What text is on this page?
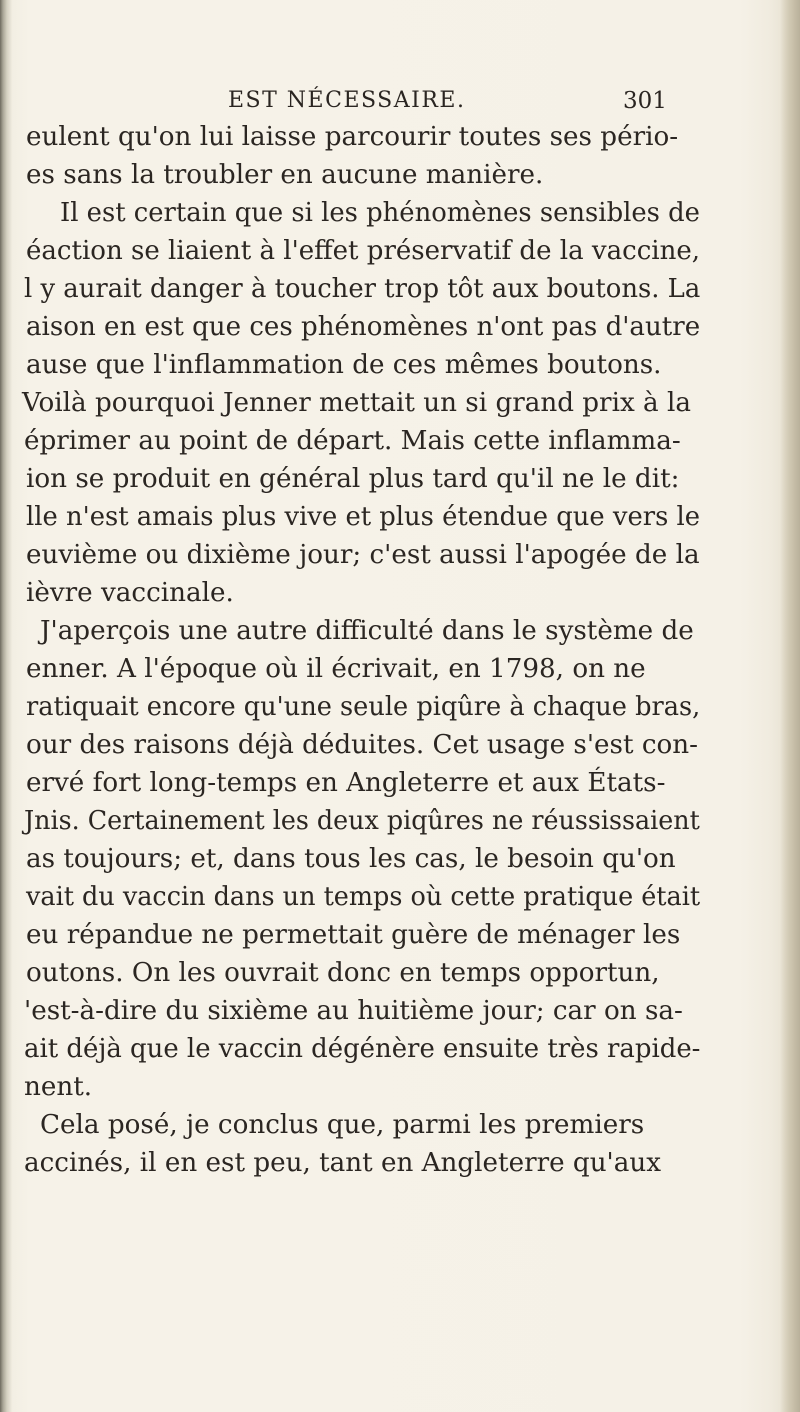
EST NÉCESSAIRE.	301
eulent qu'on lui laisse parcourir toutes ses pério-
es sans la troubler en aucune manière.
Il est certain que si les phénomènes sensibles de
éaction se liaient à l'effet préservatif de la vaccine,
l y aurait danger à toucher trop tôt aux boutons. La
aison en est que ces phénomènes n'ont pas d'autre
ause que l'inflammation de ces mêmes boutons.
Voilà pourquoi Jenner mettait un si grand prix à la
éprimer au point de départ. Mais cette inflamma-
ion se produit en général plus tard qu'il ne le dit:
lle n'est amais plus vive et plus étendue que vers le
euvième ou dixième jour; c'est aussi l'apogée de la
ièvre vaccinale.
J'aperçois une autre difficulté dans le système de
enner. A l'époque où il écrivait, en 1798, on ne
ratiquait encore qu'une seule piqûre à chaque bras,
our des raisons déjà déduites. Cet usage s'est con-
ervé fort long-temps en Angleterre et aux États-
Jnis. Certainement les deux piqûres ne réussissaient
as toujours; et, dans tous les cas, le besoin qu'on
vait du vaccin dans un temps où cette pratique était
eu répandue ne permettait guère de ménager les
outons. On les ouvrait donc en temps opportun,
'est-à-dire du sixième au huitième jour; car on sa-
ait déjà que le vaccin dégénère ensuite très rapide-
nent.
Cela posé, je conclus que, parmi les premiers
accinés, il en est peu, tant en Angleterre qu'aux
